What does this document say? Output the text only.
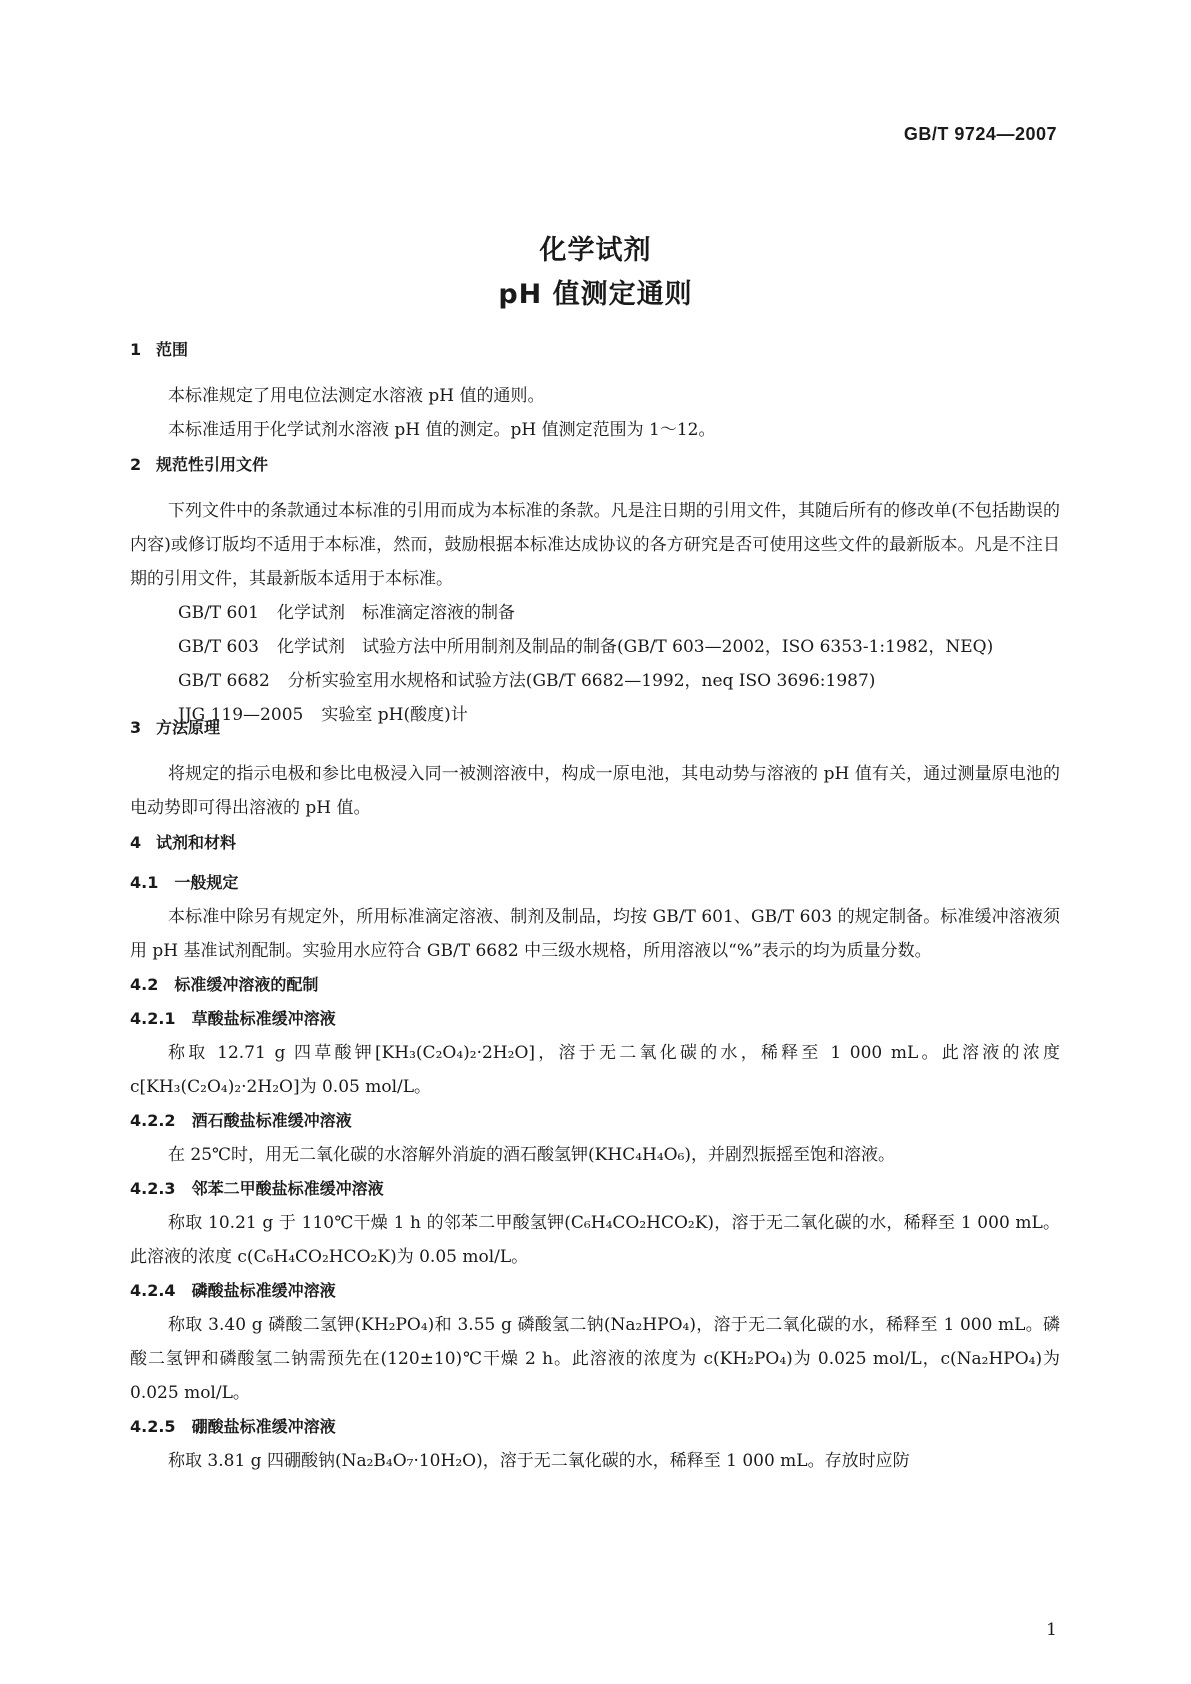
GB/T 9724—2007
化学试剂
pH 值测定通则
1 范围
本标准规定了用电位法测定水溶液 pH 值的通则。
本标准适用于化学试剂水溶液 pH 值的测定。pH 值测定范围为 1～12。
2 规范性引用文件
下列文件中的条款通过本标准的引用而成为本标准的条款。凡是注日期的引用文件，其随后所有的修改单(不包括勘误的内容)或修订版均不适用于本标准，然而，鼓励根据本标准达成协议的各方研究是否可使用这些文件的最新版本。凡是不注日期的引用文件，其最新版本适用于本标准。
GB/T 601 化学试剂　标准滴定溶液的制备
GB/T 603 化学试剂　试验方法中所用制剂及制品的制备(GB/T 603—2002，ISO 6353-1:1982，NEQ)
GB/T 6682 分析实验室用水规格和试验方法(GB/T 6682—1992，neq ISO 3696:1987)
JJG 119—2005 实验室 pH(酸度)计
3 方法原理
将规定的指示电极和参比电极浸入同一被测溶液中，构成一原电池，其电动势与溶液的 pH 值有关，通过测量原电池的电动势即可得出溶液的 pH 值。
4 试剂和材料
4.1 一般规定
本标准中除另有规定外，所用标准滴定溶液、制剂及制品，均按 GB/T 601、GB/T 603 的规定制备。标准缓冲溶液须用 pH 基准试剂配制。实验用水应符合 GB/T 6682 中三级水规格，所用溶液以“%”表示的均为质量分数。
4.2 标准缓冲溶液的配制
4.2.1 草酸盐标准缓冲溶液
称取 12.71 g 四草酸钾[KH₃(C₂O₄)₂·2H₂O]，溶于无二氧化碳的水，稀释至 1 000 mL。此溶液的浓度 c[KH₃(C₂O₄)₂·2H₂O]为 0.05 mol/L。
4.2.2 酒石酸盐标准缓冲溶液
在 25℃时，用无二氧化碳的水溶解外消旋的酒石酸氢钾(KHC₄H₄O₆)，并剧烈振摇至饱和溶液。
4.2.3 邻苯二甲酸盐标准缓冲溶液
称取 10.21 g 于 110℃干燥 1 h 的邻苯二甲酸氢钾(C₆H₄CO₂HCO₂K)，溶于无二氧化碳的水，稀释至 1 000 mL。此溶液的浓度 c(C₆H₄CO₂HCO₂K)为 0.05 mol/L。
4.2.4 磷酸盐标准缓冲溶液
称取 3.40 g 磷酸二氢钾(KH₂PO₄)和 3.55 g 磷酸氢二钠(Na₂HPO₄)，溶于无二氧化碳的水，稀释至 1 000 mL。磷酸二氢钾和磷酸氢二钠需预先在(120±10)℃干燥 2 h。此溶液的浓度为 c(KH₂PO₄)为 0.025 mol/L，c(Na₂HPO₄)为 0.025 mol/L。
4.2.5 硼酸盐标准缓冲溶液
称取 3.81 g 四硼酸钠(Na₂B₄O₇·10H₂O)，溶于无二氧化碳的水，稀释至 1 000 mL。存放时应防
1
